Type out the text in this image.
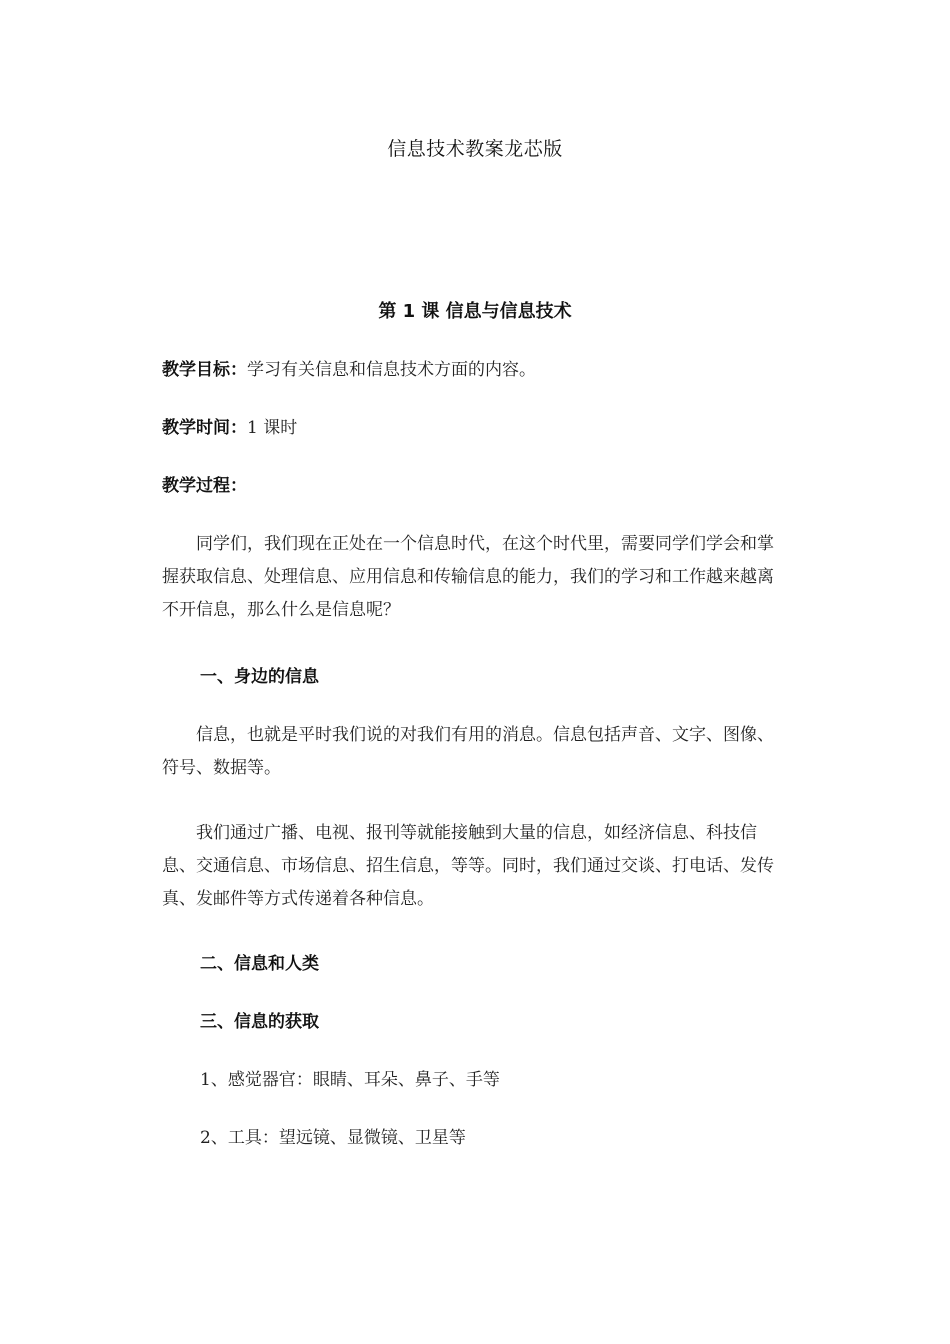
信息技术教案龙芯版
第 1 课 信息与信息技术
教学目标：学习有关信息和信息技术方面的内容。
教学时间：1 课时
教学过程：
同学们，我们现在正处在一个信息时代，在这个时代里，需要同学们学会和掌握获取信息、处理信息、应用信息和传输信息的能力，我们的学习和工作越来越离不开信息，那么什么是信息呢？
一、身边的信息
信息，也就是平时我们说的对我们有用的消息。信息包括声音、文字、图像、符号、数据等。
我们通过广播、电视、报刊等就能接触到大量的信息，如经济信息、科技信息、交通信息、市场信息、招生信息，等等。同时，我们通过交谈、打电话、发传真、发邮件等方式传递着各种信息。
二、信息和人类
三、信息的获取
1、感觉器官：眼睛、耳朵、鼻子、手等
2、工具：望远镜、显微镜、卫星等
